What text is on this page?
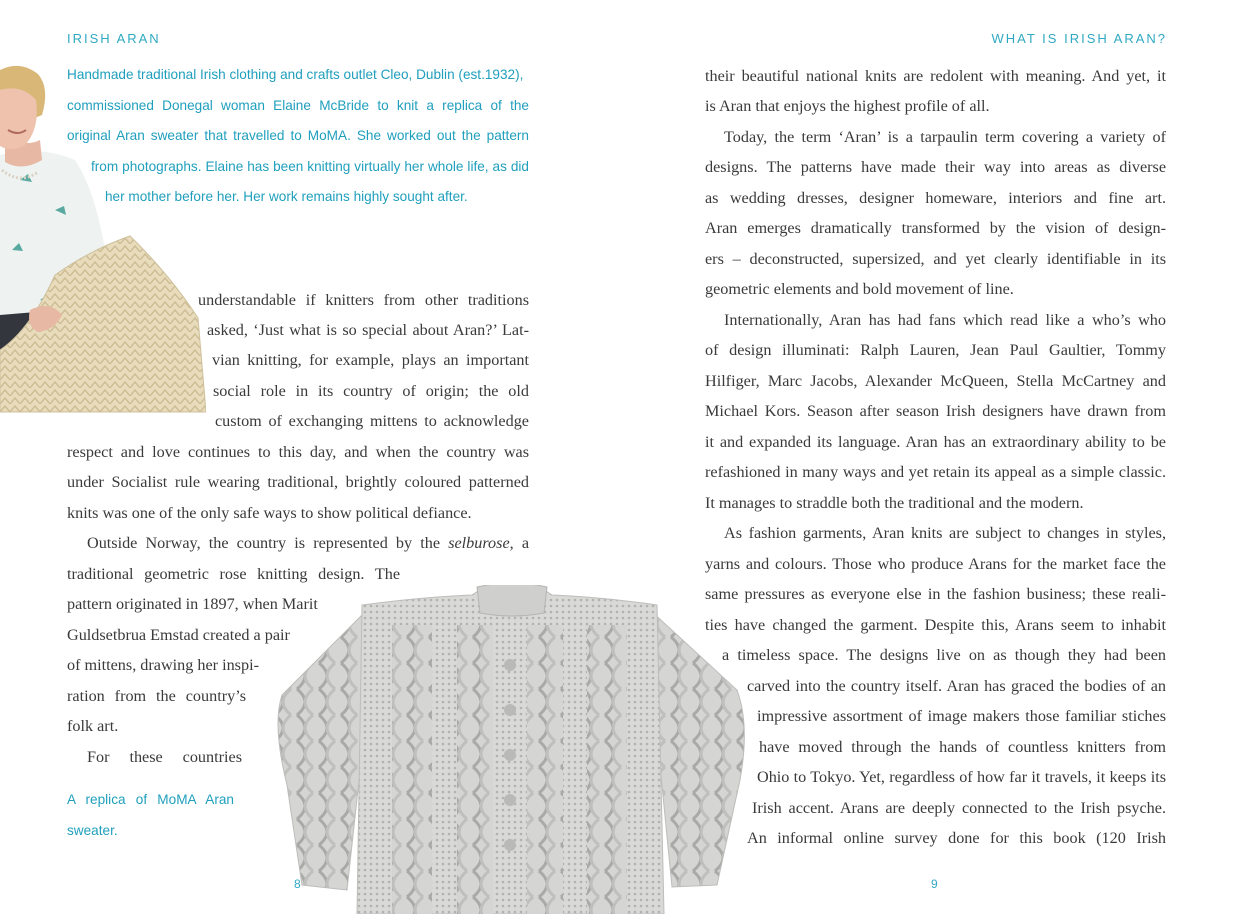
IRISH ARAN
Handmade traditional Irish clothing and crafts outlet Cleo, Dublin (est.1932),
commissioned Donegal woman Elaine McBride to knit a replica of the
original Aran sweater that travelled to MoMA. She worked out the pattern
from photographs. Elaine has been knitting virtually her whole life, as did
her mother before her. Her work remains highly sought after.
understandable if knitters from other traditions
asked, ‘Just what is so special about Aran?’ Lat-
vian knitting, for example, plays an important
social role in its country of origin; the old
custom of exchanging mittens to acknowledge
respect and love continues to this day, and when the country was
under Socialist rule wearing traditional, brightly coloured patterned
knits was one of the only safe ways to show political defiance.
Outside Norway, the country is represented by the selburose, a
traditional geometric rose knitting design. The
pattern originated in 1897, when Marit
Guldsetbrua Emstad created a pair
of mittens, drawing her inspi-
ration from the country’s
folk art.
For these countries
A replica of MoMA Aran
sweater.
8
WHAT IS IRISH ARAN?
their beautiful national knits are redolent with meaning. And yet, it
is Aran that enjoys the highest profile of all.
Today, the term ‘Aran’ is a tarpaulin term covering a variety of
designs. The patterns have made their way into areas as diverse
as wedding dresses, designer homeware, interiors and fine art.
Aran emerges dramatically transformed by the vision of design-
ers – deconstructed, supersized, and yet clearly identifiable in its
geometric elements and bold movement of line.
Internationally, Aran has had fans which read like a who’s who
of design illuminati: Ralph Lauren, Jean Paul Gaultier, Tommy
Hilfiger, Marc Jacobs, Alexander McQueen, Stella McCartney and
Michael Kors. Season after season Irish designers have drawn from
it and expanded its language. Aran has an extraordinary ability to be
refashioned in many ways and yet retain its appeal as a simple classic.
It manages to straddle both the traditional and the modern.
As fashion garments, Aran knits are subject to changes in styles,
yarns and colours. Those who produce Arans for the market face the
same pressures as everyone else in the fashion business; these reali-
ties have changed the garment. Despite this, Arans seem to inhabit
a timeless space. The designs live on as though they had been
carved into the country itself. Aran has graced the bodies of an
impressive assortment of image makers those familiar stiches
have moved through the hands of countless knitters from
Ohio to Tokyo. Yet, regardless of how far it travels, it keeps its
Irish accent. Arans are deeply connected to the Irish psyche.
An informal online survey done for this book (120 Irish
9
